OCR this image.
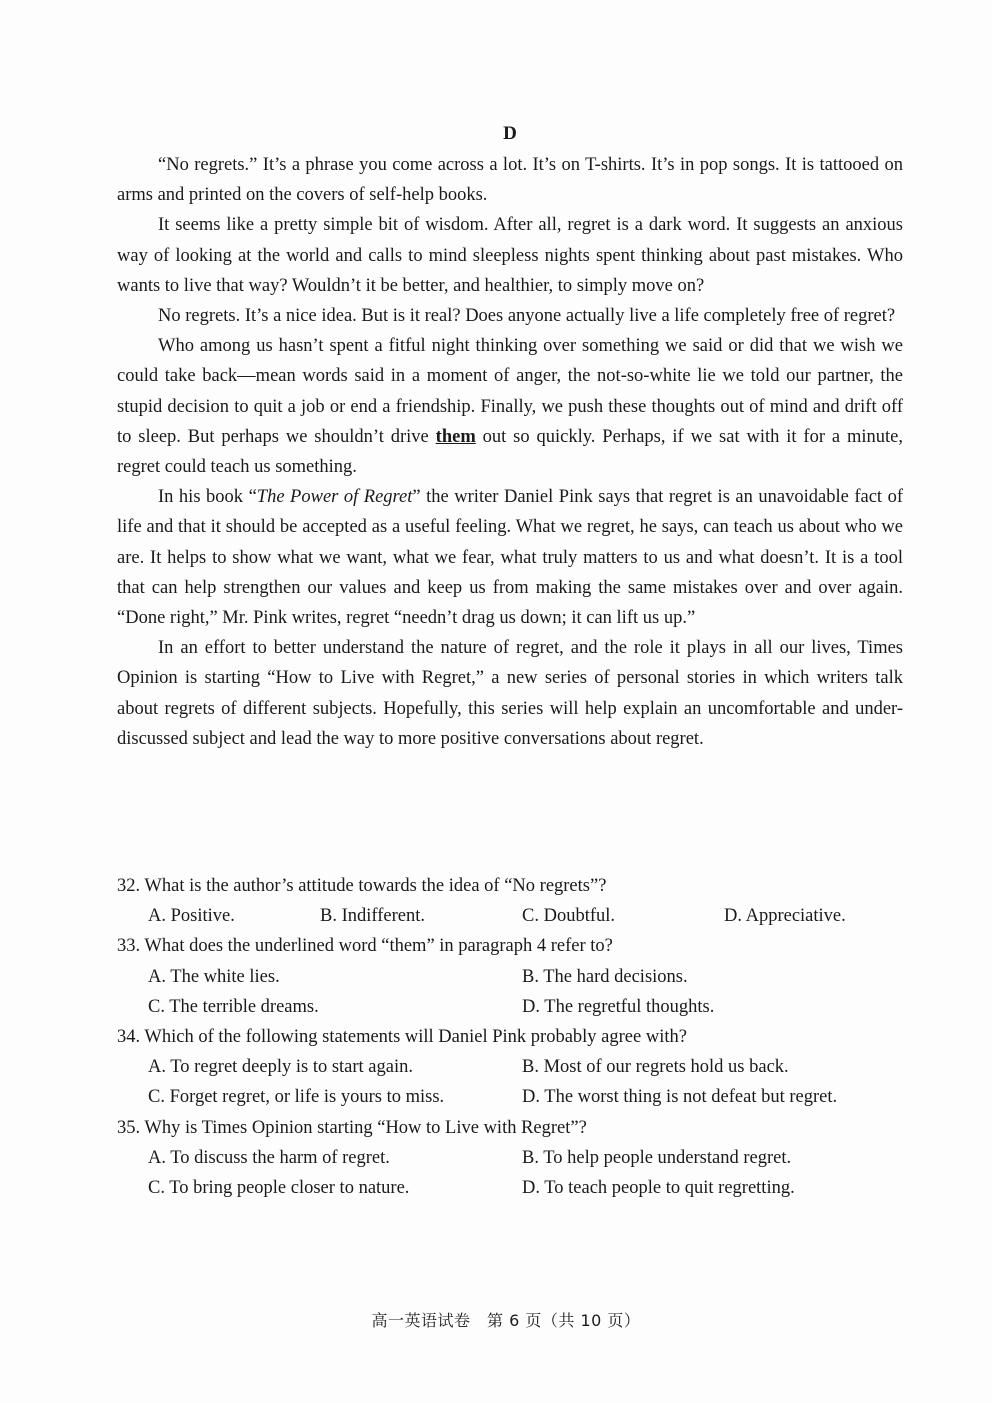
D

“No regrets.” It’s a phrase you come across a lot. It’s on T-shirts. It’s in pop songs. It is tattooed on arms and printed on the covers of self-help books.

It seems like a pretty simple bit of wisdom. After all, regret is a dark word. It suggests an anxious way of looking at the world and calls to mind sleepless nights spent thinking about past mistakes. Who wants to live that way? Wouldn’t it be better, and healthier, to simply move on?

No regrets. It’s a nice idea. But is it real? Does anyone actually live a life completely free of regret?

Who among us hasn’t spent a fitful night thinking over something we said or did that we wish we could take back—mean words said in a moment of anger, the not-so-white lie we told our partner, the stupid decision to quit a job or end a friendship. Finally, we push these thoughts out of mind and drift off to sleep. But perhaps we shouldn’t drive them out so quickly. Perhaps, if we sat with it for a minute, regret could teach us something.

In his book “The Power of Regret” the writer Daniel Pink says that regret is an unavoidable fact of life and that it should be accepted as a useful feeling. What we regret, he says, can teach us about who we are. It helps to show what we want, what we fear, what truly matters to us and what doesn’t. It is a tool that can help strengthen our values and keep us from making the same mistakes over and over again. “Done right,” Mr. Pink writes, regret “needn’t drag us down; it can lift us up.”

In an effort to better understand the nature of regret, and the role it plays in all our lives, Times Opinion is starting “How to Live with Regret,” a new series of personal stories in which writers talk about regrets of different subjects. Hopefully, this series will help explain an uncomfortable and under-discussed subject and lead the way to more positive conversations about regret.

32. What is the author’s attitude towards the idea of “No regrets”?
A. Positive.	B. Indifferent.	C. Doubtful.	D. Appreciative.
33. What does the underlined word “them” in paragraph 4 refer to?
A. The white lies.	B. The hard decisions.
C. The terrible dreams.	D. The regretful thoughts.
34. Which of the following statements will Daniel Pink probably agree with?
A. To regret deeply is to start again.	B. Most of our regrets hold us back.
C. Forget regret, or life is yours to miss.	D. The worst thing is not defeat but regret.
35. Why is Times Opinion starting “How to Live with Regret”?
A. To discuss the harm of regret.	B. To help people understand regret.
C. To bring people closer to nature.	D. To teach people to quit regretting.
高一英语试卷　第 6 页（共 10 页）
